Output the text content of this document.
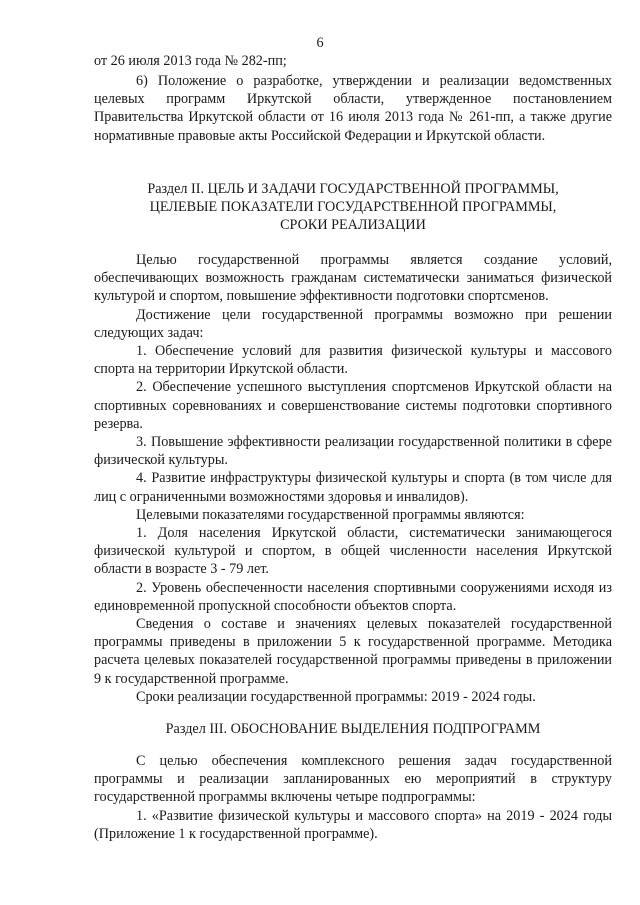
6

от 26 июля 2013 года № 282-пп;

6) Положение о разработке, утверждении и реализации ведомственных целевых программ Иркутской области, утвержденное постановлением Правительства Иркутской области от 16 июля 2013 года № 261-пп, а также другие нормативные правовые акты Российской Федерации и Иркутской области.

Раздел II. ЦЕЛЬ И ЗАДАЧИ ГОСУДАРСТВЕННОЙ ПРОГРАММЫ,

ЦЕЛЕВЫЕ ПОКАЗАТЕЛИ ГОСУДАРСТВЕННОЙ ПРОГРАММЫ,

СРОКИ РЕАЛИЗАЦИИ

Целью государственной программы является создание условий, обеспечивающих возможность гражданам систематически заниматься физической культурой и спортом, повышение эффективности подготовки спортсменов.

Достижение цели государственной программы возможно при решении следующих задач:

1. Обеспечение условий для развития физической культуры и массового спорта на территории Иркутской области.

2. Обеспечение успешного выступления спортсменов Иркутской области на спортивных соревнованиях и совершенствование системы подготовки спортивного резерва.

3. Повышение эффективности реализации государственной политики в сфере физической культуры.

4. Развитие инфраструктуры физической культуры и спорта (в том числе для лиц с ограниченными возможностями здоровья и инвалидов).

Целевыми показателями государственной программы являются:

1. Доля населения Иркутской области, систематически занимающегося физической культурой и спортом, в общей численности населения Иркутской области в возрасте 3 - 79 лет.

2. Уровень обеспеченности населения спортивными сооружениями исходя из единовременной пропускной способности объектов спорта.

Сведения о составе и значениях целевых показателей государственной программы приведены в приложении 5 к государственной программе. Методика расчета целевых показателей государственной программы приведены в приложении 9 к государственной программе.

Сроки реализации государственной программы: 2019 - 2024 годы.

Раздел III. ОБОСНОВАНИЕ ВЫДЕЛЕНИЯ ПОДПРОГРАММ

С целью обеспечения комплексного решения задач государственной программы и реализации запланированных ею мероприятий в структуру государственной программы включены четыре подпрограммы:

1. «Развитие физической культуры и массового спорта» на 2019 - 2024 годы (Приложение 1 к государственной программе).
